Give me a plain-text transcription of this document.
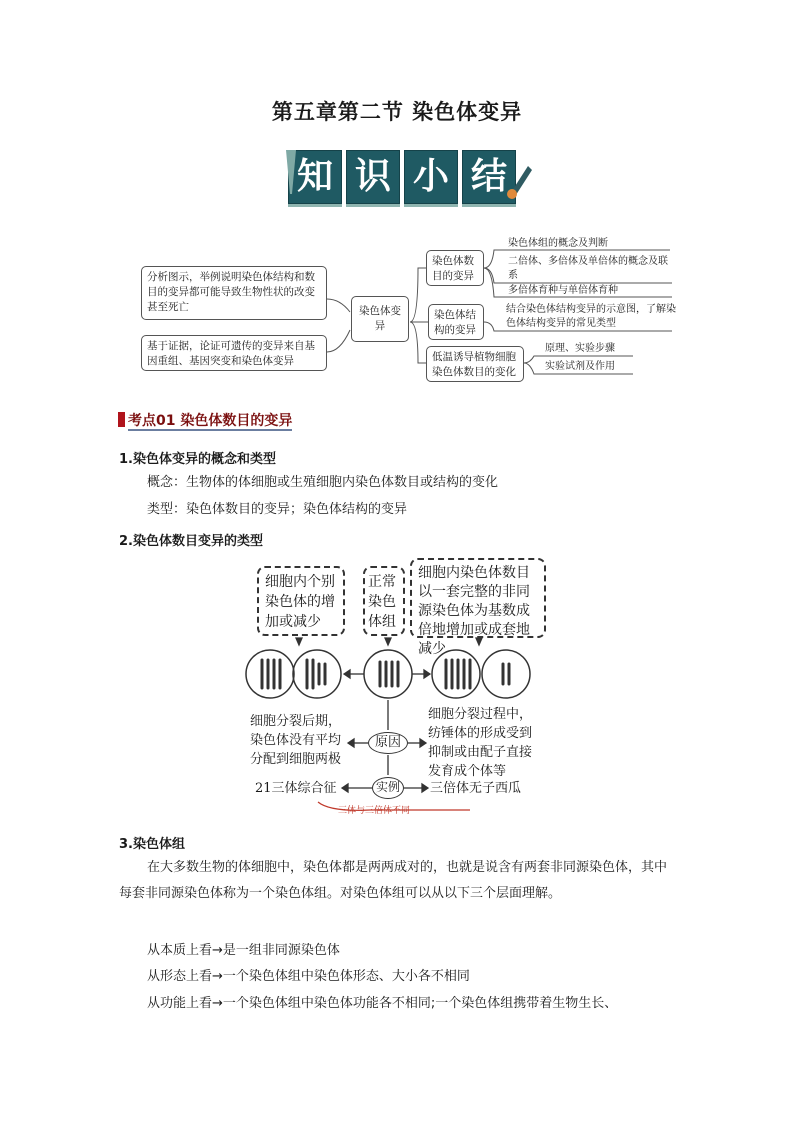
第五章第二节 染色体变异
知 识 小 结
分析图示，举例说明染色体结构和数目的变异都可能导致生物性状的改变甚至死亡
基于证据，论证可遗传的变异来自基因重组、基因突变和染色体变异
染色体变异
染色体数目的变异
染色体结构的变异
低温诱导植物细胞染色体数目的变化
染色体组的概念及判断
二倍体、多倍体及单倍体的概念及联系
多倍体育种与单倍体育种
结合染色体结构变异的示意图，了解染色体结构变异的常见类型
原理、实验步骤
实验试剂及作用
考点01 染色体数目的变异
1.染色体变异的概念和类型
概念：生物体的体细胞或生殖细胞内染色体数目或结构的变化
类型：染色体数目的变异；染色体结构的变异
2.染色体数目变异的类型
细胞内个别染色体的增加或减少
正常染色体组
细胞内染色体数目以一套完整的非同源染色体为基数成倍地增加或成套地减少
细胞分裂后期，染色体没有平均分配到细胞两极
细胞分裂过程中，纺锤体的形成受到抑制或由配子直接发育成个体等
原因
实例
21三体综合征	三倍体无子西瓜
三体与三倍体不同
3.染色体组
在大多数生物的体细胞中，染色体都是两两成对的，也就是说含有两套非同源染色体，其中每套非同源染色体称为一个染色体组。对染色体组可以从以下三个层面理解。
从本质上看→是一组非同源染色体
从形态上看→一个染色体组中染色体形态、大小各不相同
从功能上看→一个染色体组中染色体功能各不相同;一个染色体组携带着生物生长、
